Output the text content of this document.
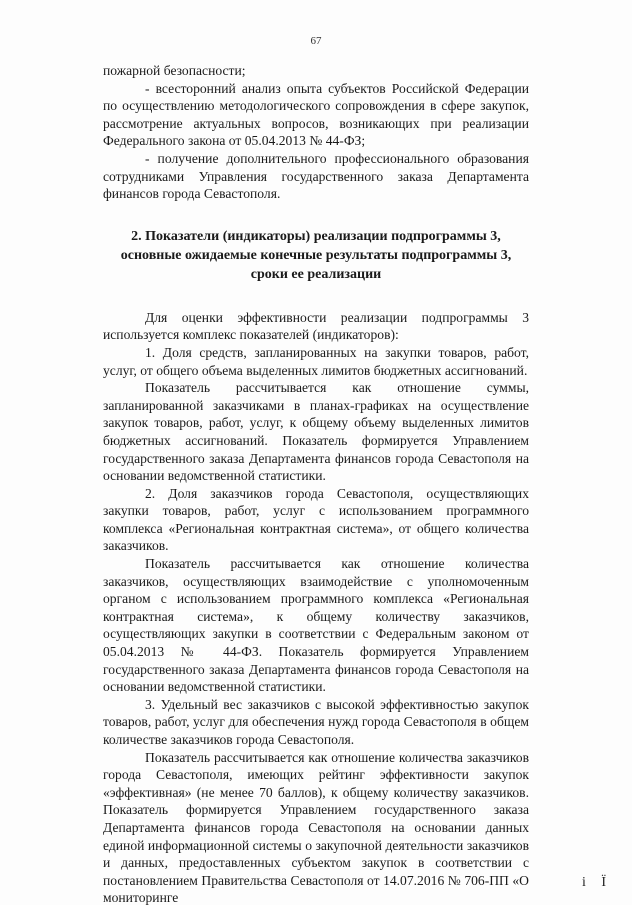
67

пожарной безопасности;

- всесторонний анализ опыта субъектов Российской Федерации по осуществлению методологического сопровождения в сфере закупок, рассмотрение актуальных вопросов, возникающих при реализации Федерального закона от 05.04.2013 № 44-ФЗ;

- получение дополнительного профессионального образования сотрудниками Управления государственного заказа Департамента финансов города Севастополя.

2. Показатели (индикаторы) реализации подпрограммы 3,
основные ожидаемые конечные результаты подпрограммы 3,
сроки ее реализации

Для оценки эффективности реализации подпрограммы 3 используется комплекс показателей (индикаторов):

1. Доля средств, запланированных на закупки товаров, работ, услуг, от общего объема выделенных лимитов бюджетных ассигнований.

Показатель рассчитывается как отношение суммы, запланированной заказчиками в планах-графиках на осуществление закупок товаров, работ, услуг, к общему объему выделенных лимитов бюджетных ассигнований. Показатель формируется Управлением государственного заказа Департамента финансов города Севастополя на основании ведомственной статистики.

2. Доля заказчиков города Севастополя, осуществляющих закупки товаров, работ, услуг с использованием программного комплекса «Региональная контрактная система», от общего количества заказчиков.

Показатель рассчитывается как отношение количества заказчиков, осуществляющих взаимодействие с уполномоченным органом с использованием программного комплекса «Региональная контрактная система», к общему количеству заказчиков, осуществляющих закупки в соответствии с Федеральным законом от 05.04.2013 № 44-ФЗ. Показатель формируется Управлением государственного заказа Департамента финансов города Севастополя на основании ведомственной статистики.

3. Удельный вес заказчиков с высокой эффективностью закупок товаров, работ, услуг для обеспечения нужд города Севастополя в общем количестве заказчиков города Севастополя.

Показатель рассчитывается как отношение количества заказчиков города Севастополя, имеющих рейтинг эффективности закупок «эффективная» (не менее 70 баллов), к общему количеству заказчиков. Показатель формируется Управлением государственного заказа Департамента финансов города Севастополя на основании данных единой информационной системы о закупочной деятельности заказчиков и данных, предоставленных субъектом закупок в соответствии с постановлением Правительства Севастополя от 14.07.2016 № 706-ПП «О мониторинге

і Ї
